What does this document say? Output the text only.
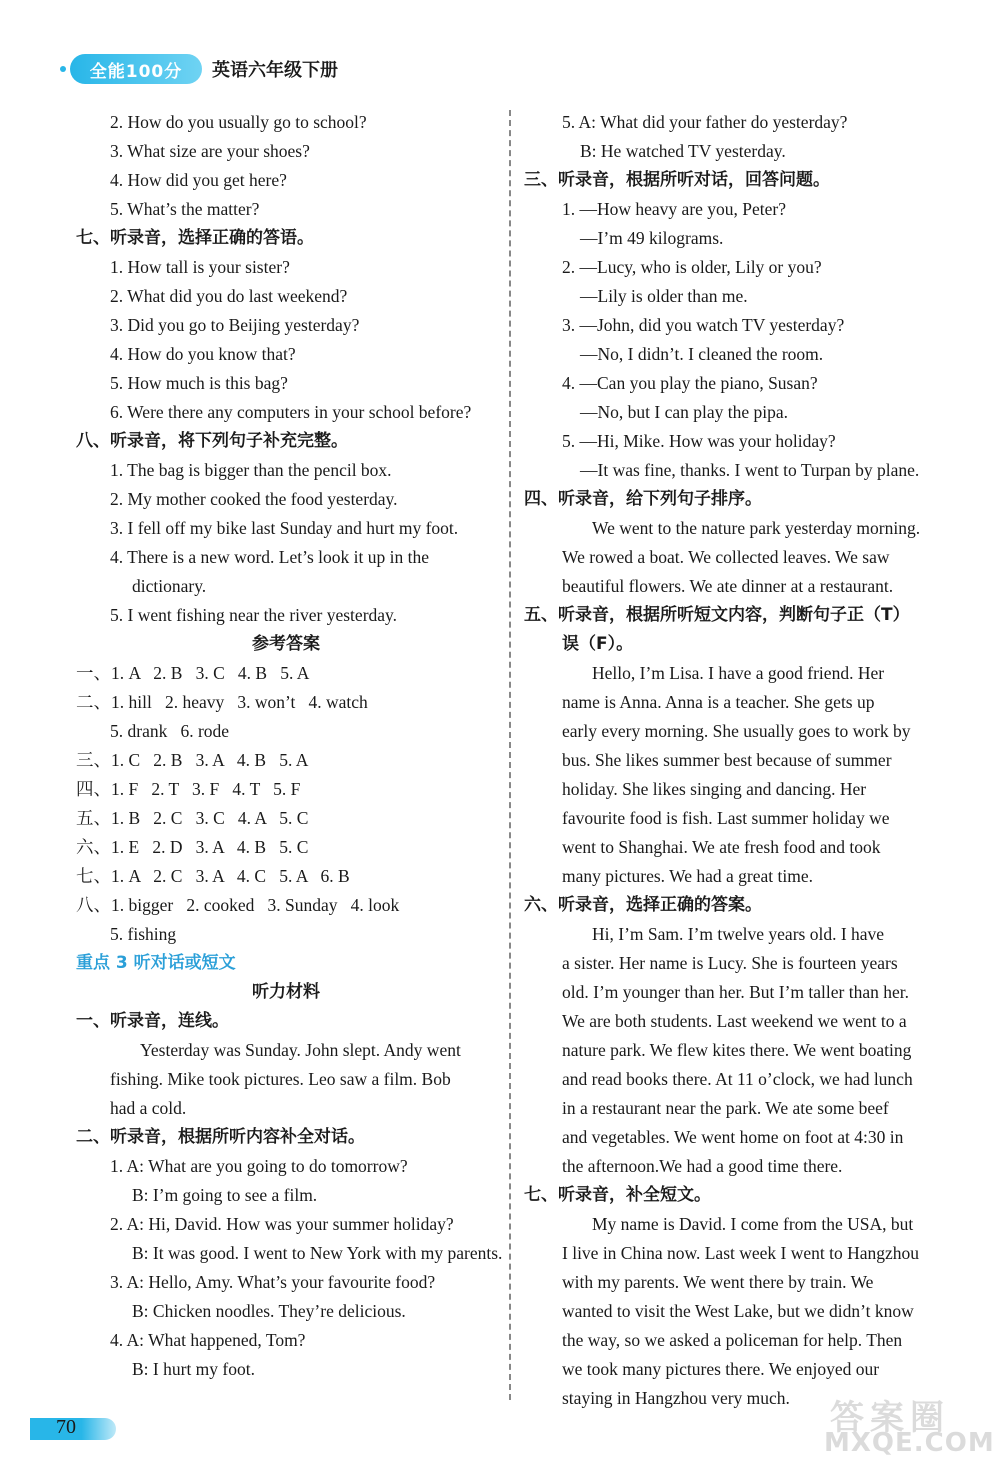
全能100分	英语六年级下册
2. How do you usually go to school?
3. What size are your shoes?
4. How did you get here?
5. What’s the matter?
七、听录音，选择正确的答语。
1. How tall is your sister?
2. What did you do last weekend?
3. Did you go to Beijing yesterday?
4. How do you know that?
5. How much is this bag?
6. Were there any computers in your school before?
八、听录音，将下列句子补充完整。
1. The bag is bigger than the pencil box.
2. My mother cooked the food yesterday.
3. I fell off my bike last Sunday and hurt my foot.
4. There is a new word. Let’s look it up in the
dictionary.
5. I went fishing near the river yesterday.
参考答案
一、1. A   2. B   3. C   4. B   5. A
二、1. hill   2. heavy   3. won’t   4. watch
5. drank   6. rode
三、1. C   2. B   3. A   4. B   5. A
四、1. F   2. T   3. F   4. T   5. F
五、1. B   2. C   3. C   4. A   5. C
六、1. E   2. D   3. A   4. B   5. C
七、1. A   2. C   3. A   4. C   5. A   6. B
八、1. bigger   2. cooked   3. Sunday   4. look
5. fishing
重点 3 听对话或短文
听力材料
一、听录音，连线。
Yesterday was Sunday. John slept. Andy went
fishing. Mike took pictures. Leo saw a film. Bob
had a cold.
二、听录音，根据所听内容补全对话。
1. A: What are you going to do tomorrow?
B: I’m going to see a film.
2. A: Hi, David. How was your summer holiday?
B: It was good. I went to New York with my parents.
3. A: Hello, Amy. What’s your favourite food?
B: Chicken noodles. They’re delicious.
4. A: What happened, Tom?
B: I hurt my foot.
5. A: What did your father do yesterday?
B: He watched TV yesterday.
三、听录音，根据所听对话，回答问题。
1. —How heavy are you, Peter?
—I’m 49 kilograms.
2. —Lucy, who is older, Lily or you?
—Lily is older than me.
3. —John, did you watch TV yesterday?
—No, I didn’t. I cleaned the room.
4. —Can you play the piano, Susan?
—No, but I can play the pipa.
5. —Hi, Mike. How was your holiday?
—It was fine, thanks. I went to Turpan by plane.
四、听录音，给下列句子排序。
We went to the nature park yesterday morning.
We rowed a boat. We collected leaves. We saw
beautiful flowers. We ate dinner at a restaurant.
五、听录音，根据所听短文内容，判断句子正（T）
误（F）。
Hello, I’m Lisa. I have a good friend. Her
name is Anna. Anna is a teacher. She gets up
early every morning. She usually goes to work by
bus. She likes summer best because of summer
holiday. She likes singing and dancing. Her
favourite food is fish. Last summer holiday we
went to Shanghai. We ate fresh food and took
many pictures. We had a great time.
六、听录音，选择正确的答案。
Hi, I’m Sam. I’m twelve years old. I have
a sister. Her name is Lucy. She is fourteen years
old. I’m younger than her. But I’m taller than her.
We are both students. Last weekend we went to a
nature park. We flew kites there. We went boating
and read books there. At 11 o’clock, we had lunch
in a restaurant near the park. We ate some beef
and vegetables. We went home on foot at 4:30 in
the afternoon.We had a good time there.
七、听录音，补全短文。
My name is David. I come from the USA, but
I live in China now. Last week I went to Hangzhou
with my parents. We went there by train. We
wanted to visit the West Lake, but we didn’t know
the way, so we asked a policeman for help. Then
we took many pictures there. We enjoyed our
staying in Hangzhou very much.
70	答案圈
MXQE.COM
